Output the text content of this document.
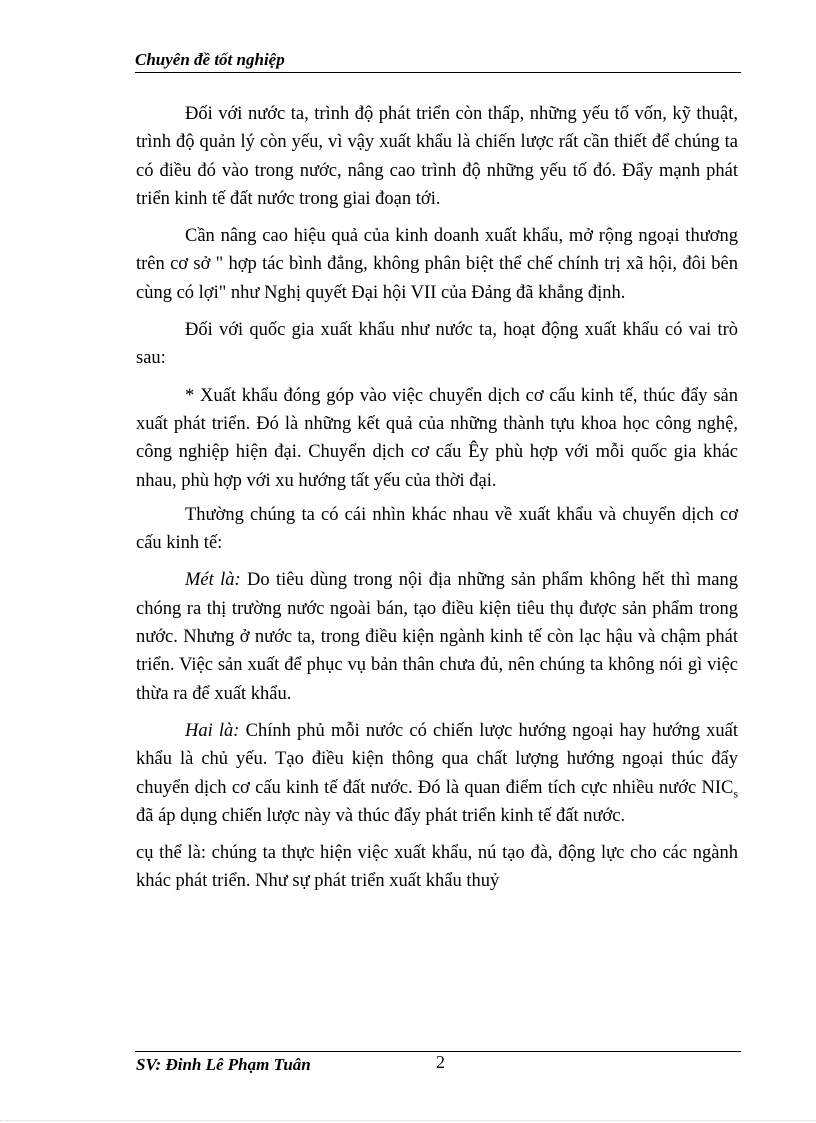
Chuyên đề tốt nghiệp

Đối với nước ta, trình độ phát triển còn thấp, những yếu tố vốn, kỹ thuật, trình độ quản lý còn yếu, vì vậy xuất khẩu là chiến lược rất cần thiết để chúng ta có điều đó vào trong nước, nâng cao trình độ những yếu tố đó. Đẩy mạnh phát triển kinh tế đất nước trong giai đoạn tới.

Cần nâng cao hiệu quả của kinh doanh xuất khẩu, mở rộng ngoại thương trên cơ sở " hợp tác bình đẳng, không phân biệt thể chế chính trị xã hội, đôi bên cùng có lợi" như Nghị quyết Đại hội VII của Đảng đã khẳng định.

Đối với quốc gia xuất khẩu như nước ta, hoạt động xuất khẩu có vai trò sau:

* Xuất khẩu đóng góp vào việc chuyển dịch cơ cấu kinh tế, thúc đẩy sản xuất phát triển. Đó là những kết quả của những thành tựu khoa học công nghệ, công nghiệp hiện đại. Chuyển dịch cơ cấu Êy phù hợp với mỗi quốc gia khác nhau, phù hợp với xu hướng tất yếu của thời đại.

Thường chúng ta có cái nhìn khác nhau về xuất khẩu và chuyển dịch cơ cấu kinh tế:

Mét là: Do tiêu dùng trong nội địa những sản phẩm không hết thì mang chóng ra thị trường nước ngoài bán, tạo điều kiện tiêu thụ được sản phẩm trong nước. Nhưng ở nước ta, trong điều kiện ngành kinh tế còn lạc hậu và chậm phát triển. Việc sản xuất để phục vụ bản thân chưa đủ, nên chúng ta không nói gì việc thừa ra để xuất khẩu.

Hai là: Chính phủ mỗi nước có chiến lược hướng ngoại hay hướng xuất khẩu là chủ yếu. Tạo điều kiện thông qua chất lượng hướng ngoại thúc đẩy chuyển dịch cơ cấu kinh tế đất nước. Đó là quan điểm tích cực nhiều nước $NIC_s$ đã áp dụng chiến lược này và thúc đẩy phát triển kinh tế đất nước.

cụ thể là: chúng ta thực hiện việc xuất khẩu, nú tạo đà, động lực cho các ngành khác phát triển. Như sự phát triển xuất khẩu thuỷ

SV: Đinh Lê Phạm Tuân	2
